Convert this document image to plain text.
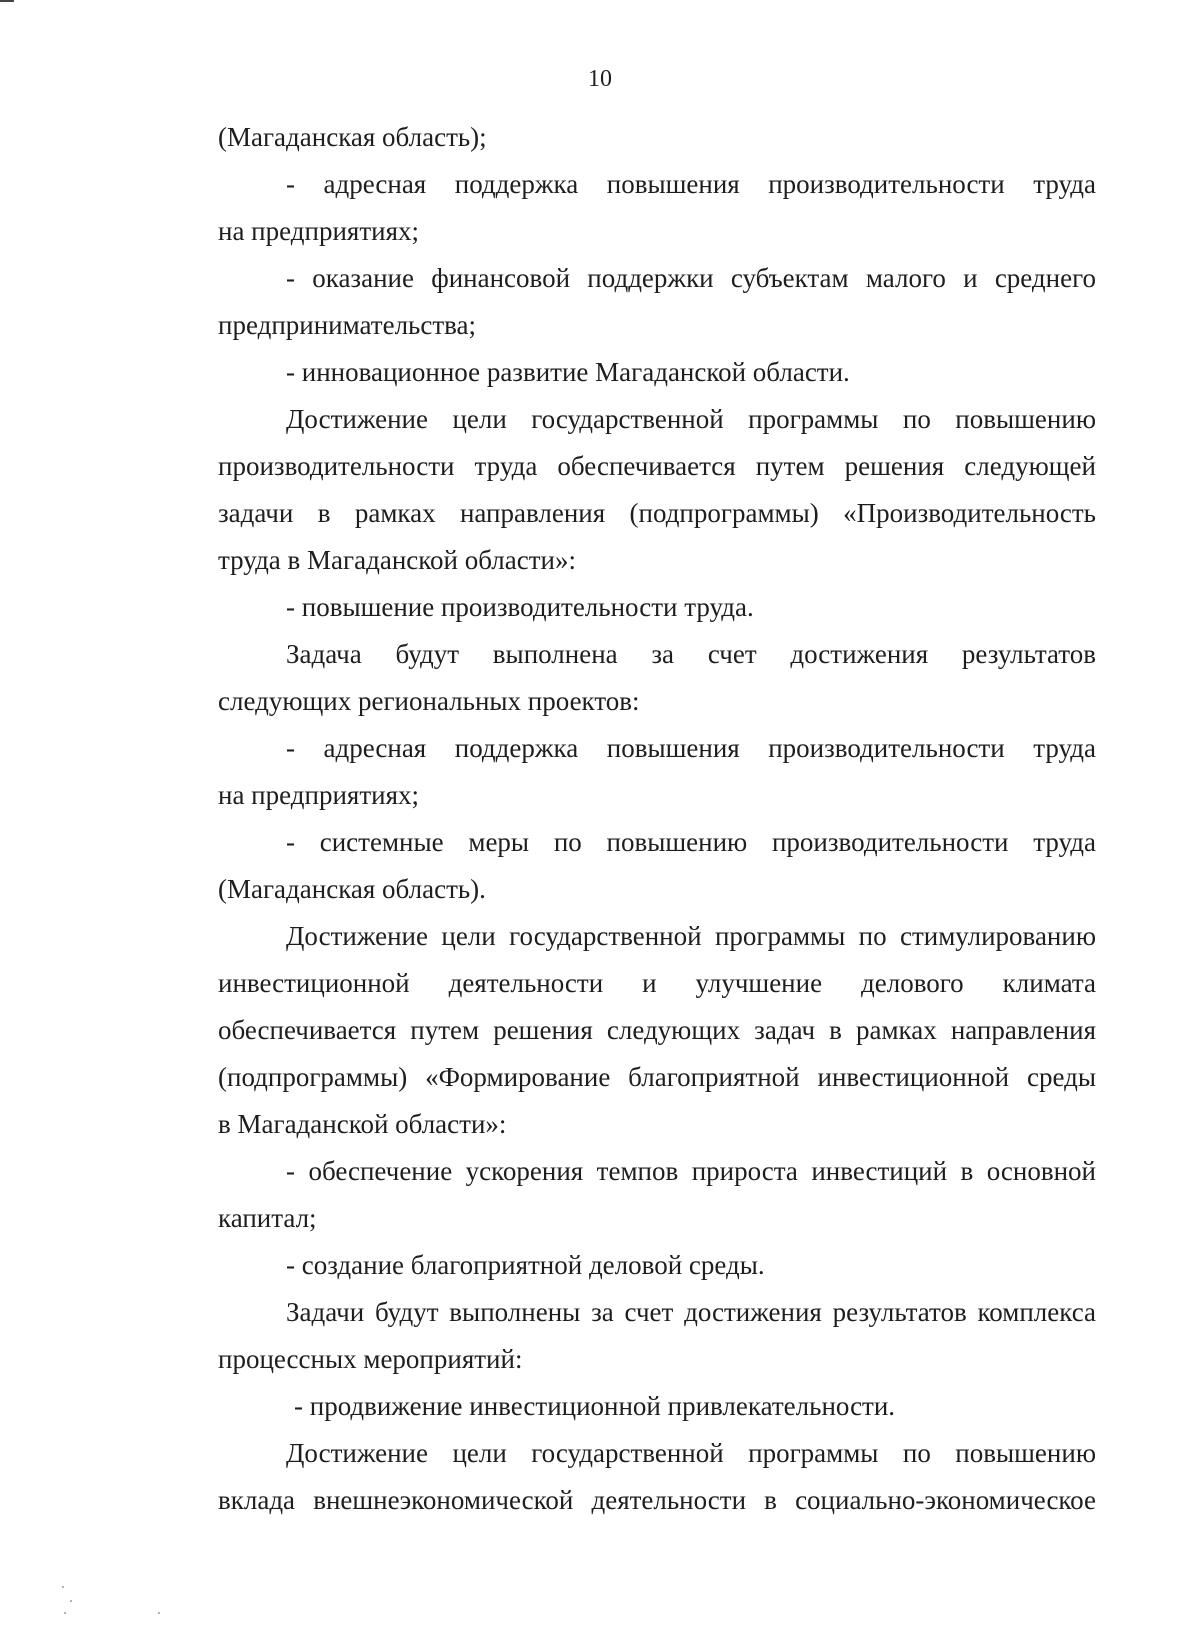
10
(Магаданская область);
- адресная поддержка повышения производительности труда
на предприятиях;
- оказание финансовой поддержки субъектам малого и среднего
предпринимательства;
- инновационное развитие Магаданской области.
Достижение цели государственной программы по повышению
производительности труда обеспечивается путем решения следующей
задачи в рамках направления (подпрограммы) «Производительность
труда в Магаданской области»:
- повышение производительности труда.
Задача будут выполнена за счет достижения результатов
следующих региональных проектов:
- адресная поддержка повышения производительности труда
на предприятиях;
- системные меры по повышению производительности труда
(Магаданская область).
Достижение цели государственной программы по стимулированию
инвестиционной деятельности и улучшение делового климата
обеспечивается путем решения следующих задач в рамках направления
(подпрограммы) «Формирование благоприятной инвестиционной среды
в Магаданской области»:
- обеспечение ускорения темпов прироста инвестиций в основной
капитал;
- создание благоприятной деловой среды.
Задачи будут выполнены за счет достижения результатов комплекса
процессных мероприятий:
- продвижение инвестиционной привлекательности.
Достижение цели государственной программы по повышению
вклада внешнеэкономической деятельности в социально-экономическое
